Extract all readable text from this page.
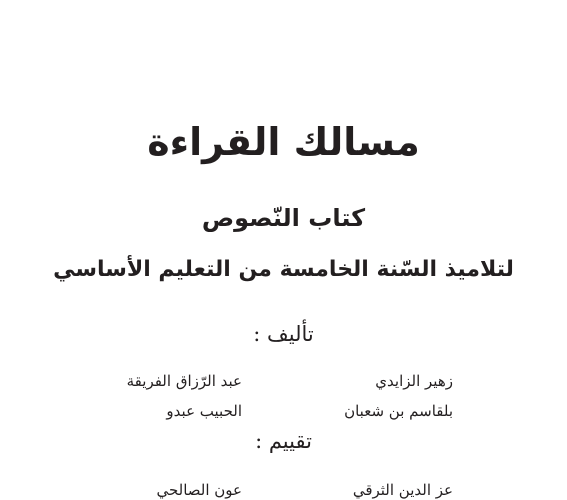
مسالك القراءة
كتاب النّصوص
لتلاميذ السّنة الخامسة من التعليم الأساسي
تأليف :
زهير الزايدي
بلقاسم بن شعبان
عبد الرّزاق الفريقة
الحبيب عبدو
تقييم :
عز الدين الثرقي
عون الصالحي
